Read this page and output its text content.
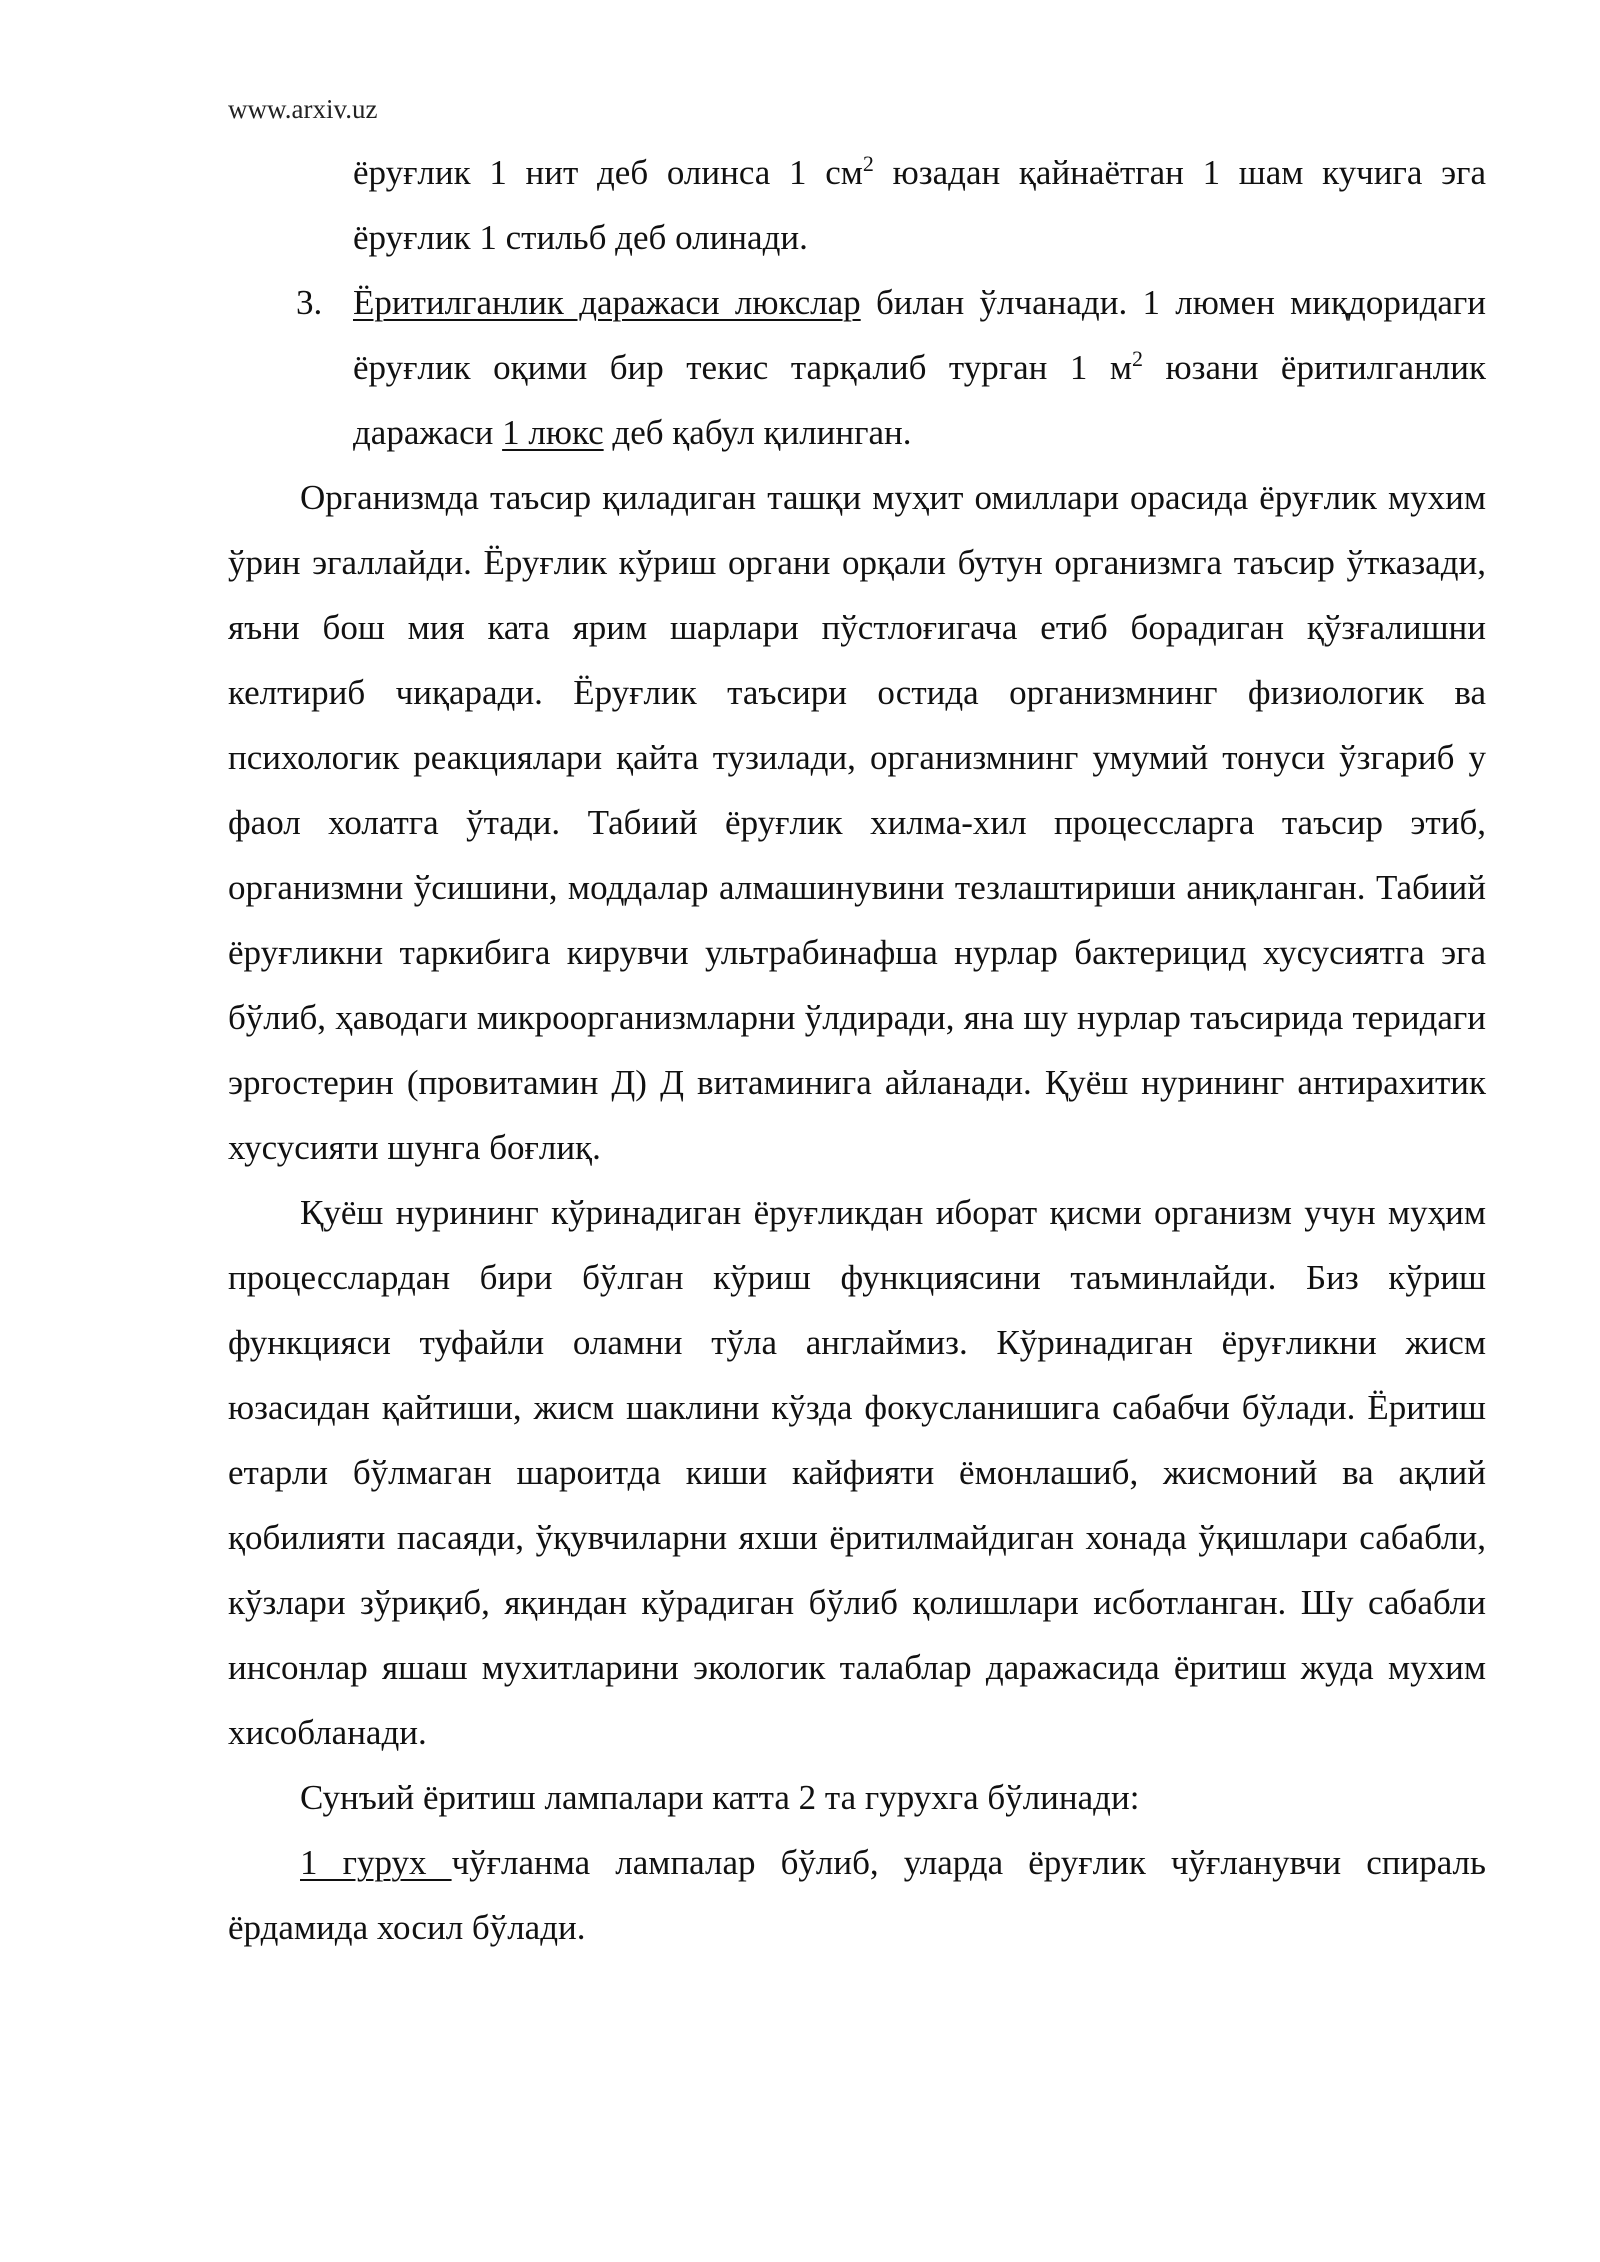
www.arxiv.uz

ёруғлик 1 нит деб олинса 1 $см^2$ юзадан қайнаётган 1 шам кучига эга ёруғлик 1 стильб деб олинади.

3. Ёритилганлик даражаси люкслар билан ўлчанади. 1 люмен миқдоридаги ёруғлик оқими бир текис тарқалиб турган 1 $м^2$ юзани ёритилганлик даражаси 1 люкс деб қабул қилинган.

Организмда таъсир қиладиган ташқи муҳит омиллари орасида ёруғлик мухим ўрин эгаллайди. Ёруғлик кўриш органи орқали бутун организмга таъсир ўтказади, яъни бош мия ката ярим шарлари пўстлоғигача етиб борадиган қўзғалишни келтириб чиқаради. Ёруғлик таъсири остида организмнинг физиологик ва психологик реакциялари қайта тузилади, организмнинг умумий тонуси ўзгариб у фаол холатга ўтади. Табиий ёруғлик хилма-хил процессларга таъсир этиб, организмни ўсишини, моддалар алмашинувини тезлаштириши аниқланган. Табиий ёруғликни таркибига кирувчи ультрабинафша нурлар бактерицид хусусиятга эга бўлиб, ҳаводаги микроорганизмларни ўлдиради, яна шу нурлар таъсирида теридаги эргостерин (провитамин Д) Д витаминига айланади. Қуёш нурининг антирахитик хусусияти шунга боғлиқ.

Қуёш нурининг кўринадиган ёруғликдан иборат қисми организм учун муҳим процесслардан бири бўлган кўриш функциясини таъминлайди. Биз кўриш функцияси туфайли оламни тўла англаймиз. Кўринадиган ёруғликни жисм юзасидан қайтиши, жисм шаклини кўзда фокусланишига сабабчи бўлади. Ёритиш етарли бўлмаган шароитда киши кайфияти ёмонлашиб, жисмоний ва ақлий қобилияти пасаяди, ўқувчиларни яхши ёритилмайдиган хонада ўқишлари сабабли, кўзлари зўриқиб, яқиндан кўрадиган бўлиб қолишлари исботланган. Шу сабабли инсонлар яшаш мухитларини экологик талаблар даражасида ёритиш жуда мухим хисобланади.

Сунъий ёритиш лампалари катта 2 та гурухга бўлинади:

1 гурух чўғланма лампалар бўлиб, уларда ёруғлик чўғланувчи спираль ёрдамида хосил бўлади.
